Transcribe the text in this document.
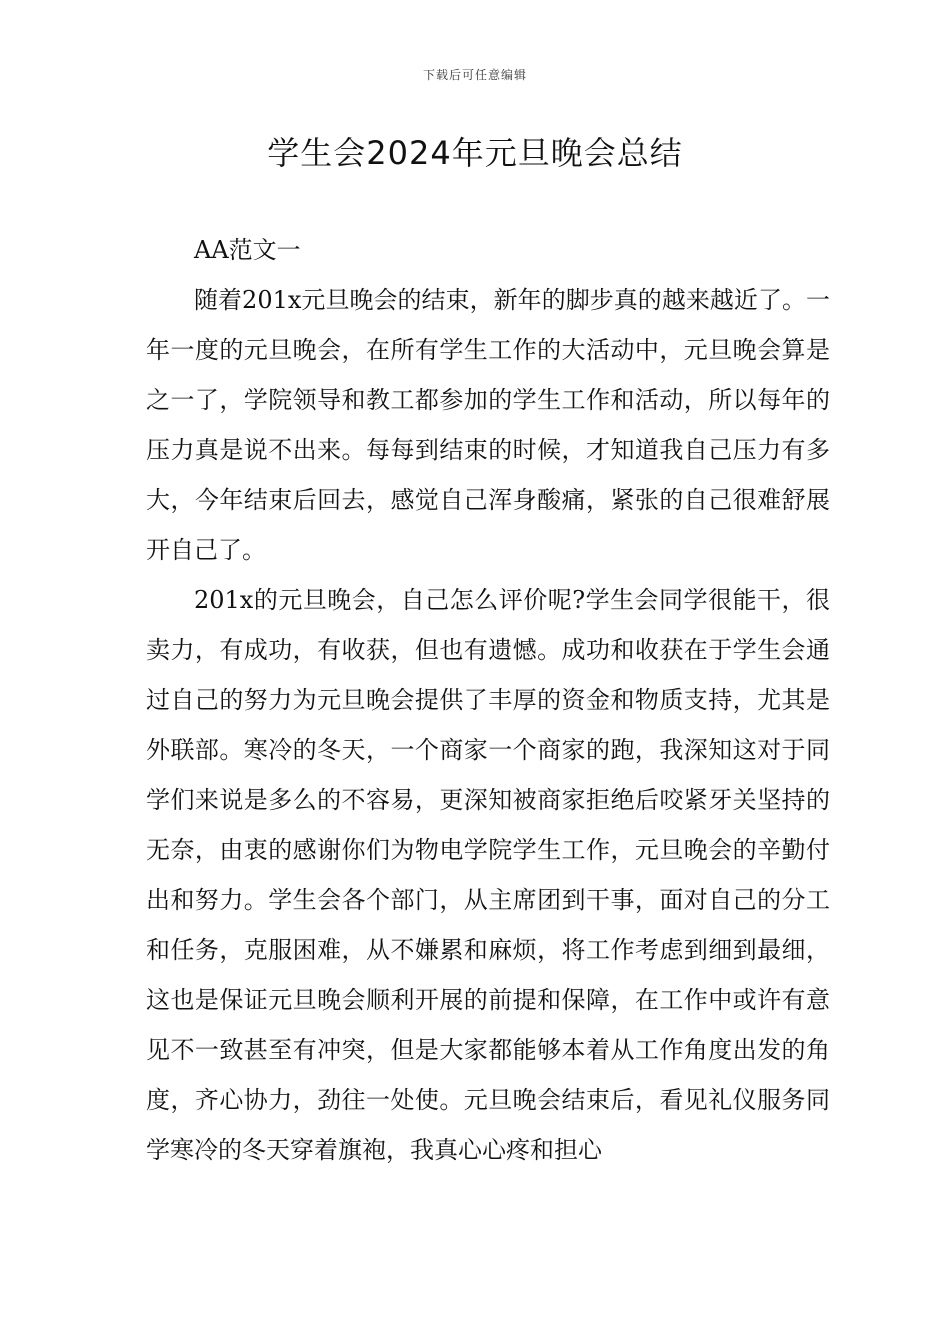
下载后可任意编辑
学生会2024年元旦晚会总结

AA范文一

随着201x元旦晚会的结束，新年的脚步真的越来越近了。一年一度的元旦晚会，在所有学生工作的大活动中，元旦晚会算是之一了，学院领导和教工都参加的学生工作和活动，所以每年的压力真是说不出来。每每到结束的时候，才知道我自己压力有多大，今年结束后回去，感觉自己浑身酸痛，紧张的自己很难舒展开自己了。

201x的元旦晚会，自己怎么评价呢?学生会同学很能干，很卖力，有成功，有收获，但也有遗憾。成功和收获在于学生会通过自己的努力为元旦晚会提供了丰厚的资金和物质支持，尤其是外联部。寒冷的冬天，一个商家一个商家的跑，我深知这对于同学们来说是多么的不容易，更深知被商家拒绝后咬紧牙关坚持的无奈，由衷的感谢你们为物电学院学生工作，元旦晚会的辛勤付出和努力。学生会各个部门，从主席团到干事，面对自己的分工和任务，克服困难，从不嫌累和麻烦，将工作考虑到细到最细，这也是保证元旦晚会顺利开展的前提和保障，在工作中或许有意见不一致甚至有冲突，但是大家都能够本着从工作角度出发的角度，齐心协力，劲往一处使。元旦晚会结束后，看见礼仪服务同学寒冷的冬天穿着旗袍，我真心心疼和担心
